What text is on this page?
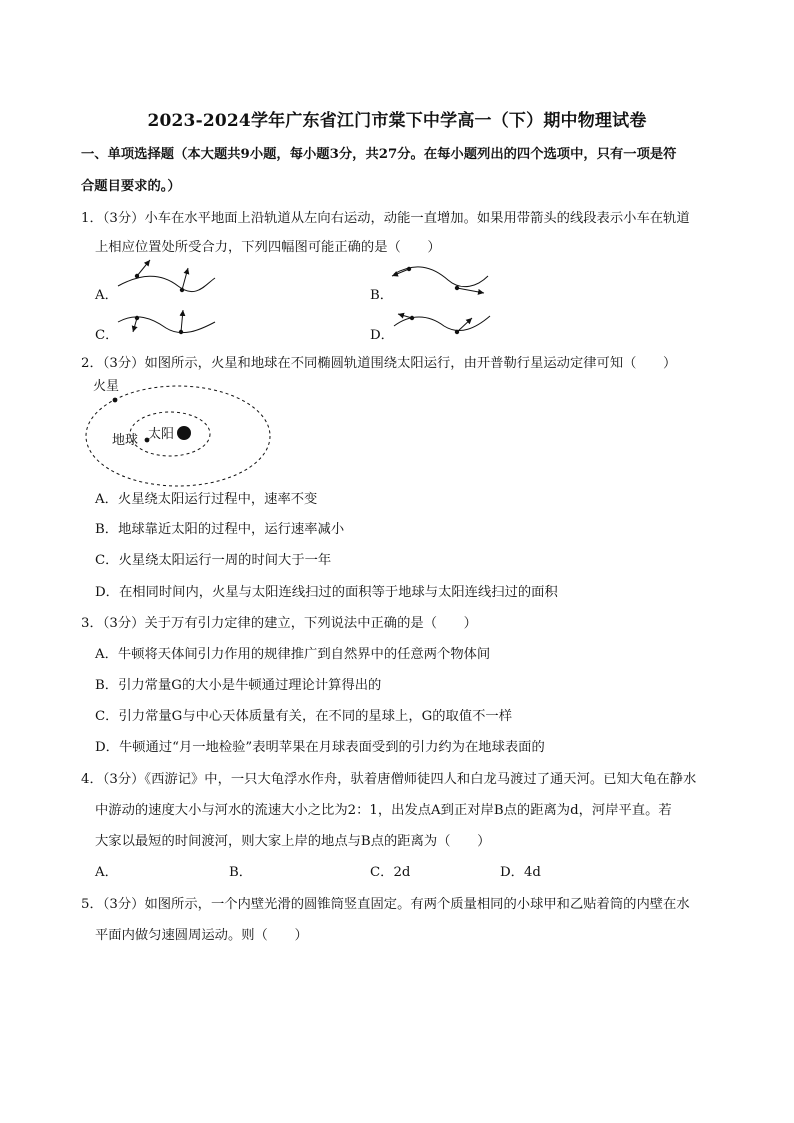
2023-2024学年广东省江门市棠下中学高一（下）期中物理试卷
一、单项选择题（本大题共9小题，每小题3分，共27分。在每小题列出的四个选项中，只有一项是符
合题目要求的。）
1．（3分）小车在水平地面上沿轨道从左向右运动，动能一直增加。如果用带箭头的线段表示小车在轨道
上相应位置处所受合力，下列四幅图可能正确的是（　　）
A．	B．
C．	D．
2．（3分）如图所示，火星和地球在不同椭圆轨道围绕太阳运行，由开普勒行星运动定律可知（　　）
火星
地球 太阳
A．火星绕太阳运行过程中，速率不变
B．地球靠近太阳的过程中，运行速率减小
C．火星绕太阳运行一周的时间大于一年
D．在相同时间内，火星与太阳连线扫过的面积等于地球与太阳连线扫过的面积
3．（3分）关于万有引力定律的建立，下列说法中正确的是（　　）
A．牛顿将天体间引力作用的规律推广到自然界中的任意两个物体间
B．引力常量G的大小是牛顿通过理论计算得出的
C．引力常量G与中心天体质量有关，在不同的星球上，G的取值不一样
D．牛顿通过“月一地检验”表明苹果在月球表面受到的引力约为在地球表面的
4．（3分）《西游记》中，一只大龟浮水作舟，驮着唐僧师徒四人和白龙马渡过了通天河。已知大龟在静水
中游动的速度大小与河水的流速大小之比为2：1，出发点A到正对岸B点的距离为d，河岸平直。若
大家以最短的时间渡河，则大家上岸的地点与B点的距离为（　　）
A．	B．	C．2d	D．4d
5．（3分）如图所示，一个内壁光滑的圆锥筒竖直固定。有两个质量相同的小球甲和乙贴着筒的内壁在水
平面内做匀速圆周运动。则（　　）
